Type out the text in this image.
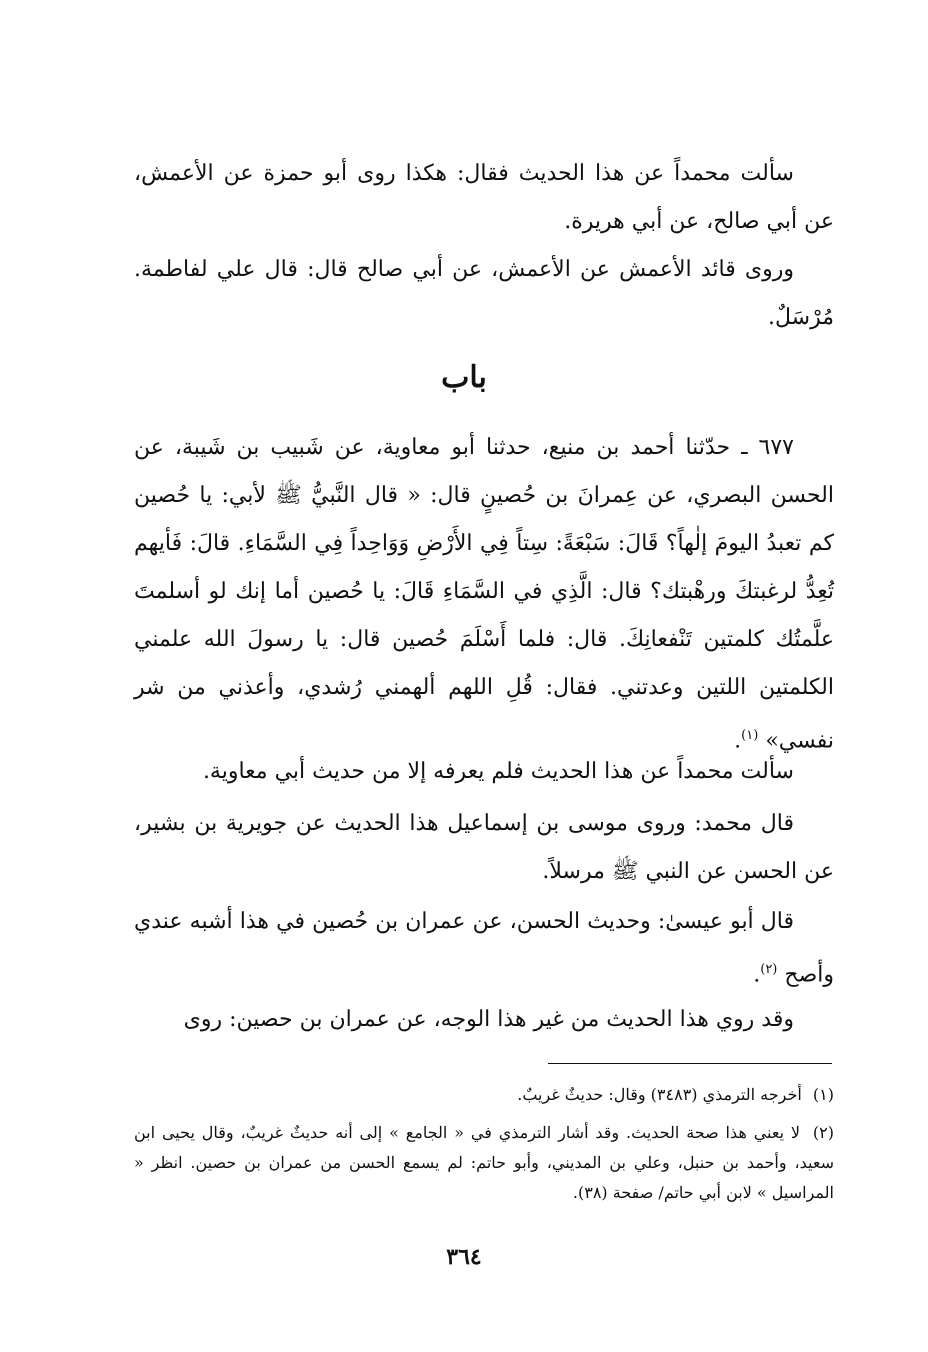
سألت محمداً عن هذا الحديث فقال: هكذا روى أبو حمزة عن الأعمش، عن أبي صالح، عن أبي هريرة.

وروى قائد الأعمش عن الأعمش، عن أبي صالح قال: قال علي لفاطمة. مُرْسَلٌ.

باب

٦٧٧ ـ حدّثنا أحمد بن منيع، حدثنا أبو معاوية، عن شَبيب بن شَيبة، عن الحسن البصري، عن عِمرانَ بن حُصينٍ قال: « قال النَّبيُّ ﷺ لأبي: يا حُصين كم تعبدُ اليومَ إلٰهاً؟ قَالَ: سَبْعَةً: سِتاً فِي الأَرْضِ وَوَاحِداً فِي السَّمَاءِ. قالَ: فَأيهم تُعِدُّ لرغبتكَ ورهْبتك؟ قال: الَّذِي في السَّمَاءِ قَالَ: يا حُصين أما إنك لو أسلمتَ علَّمتُك كلمتين تَنْفعانِكَ. قال: فلما أَسْلَمَ حُصين قال: يا رسولَ الله علمني الكلمتين اللتين وعدتني. فقال: قُلِ اللهم ألهمني رُشدي، وأعذني من شر نفسي» $^{(١)}$.

سألت محمداً عن هذا الحديث فلم يعرفه إلا من حديث أبي معاوية.

قال محمد: وروى موسى بن إسماعيل هذا الحديث عن جويرية بن بشير، عن الحسن عن النبي ﷺ مرسلاً.

قال أبو عيسىٰ: وحديث الحسن، عن عمران بن حُصين في هذا أشبه عندي وأصح $^{(٢)}$.

وقد روي هذا الحديث من غير هذا الوجه، عن عمران بن حصين: روى

(١) أخرجه الترمذي (٣٤٨٣) وقال: حديثٌ غريبٌ.
(٢) لا يعني هذا صحة الحديث. وقد أشار الترمذي في « الجامع » إلى أنه حديثٌ غريبٌ، وقال يحيى ابن سعيد، وأحمد بن حنبل، وعلي بن المديني، وأبو حاتم: لم يسمع الحسن من عمران بن حصين. انظر « المراسيل » لابن أبي حاتم/ صفحة (٣٨).
٣٦٤
